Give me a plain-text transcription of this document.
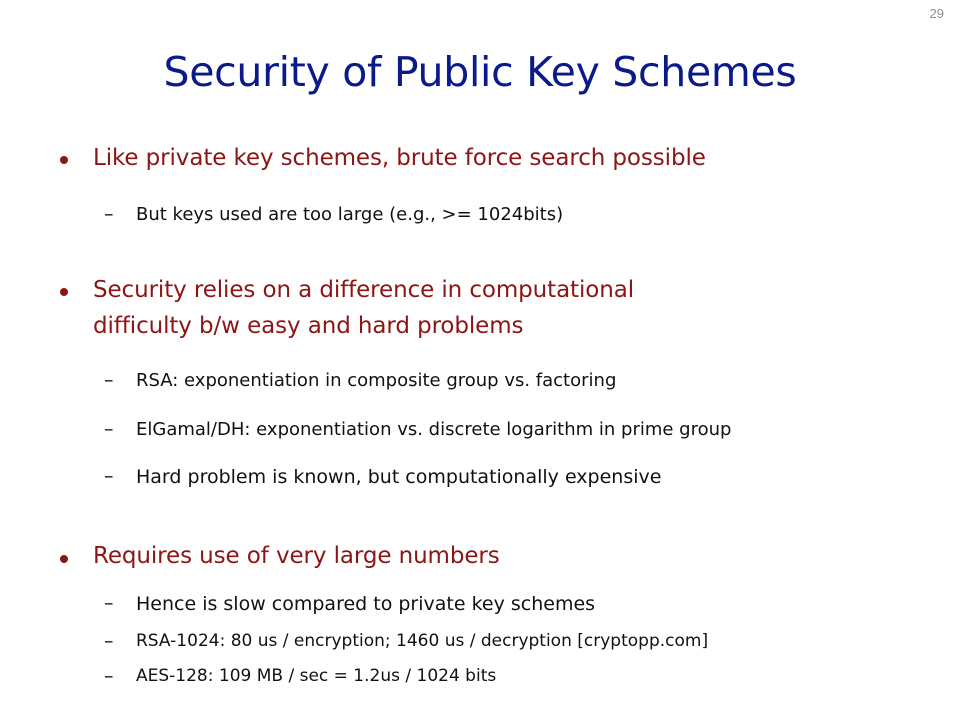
29
Security of Public Key Schemes
Like private key schemes, brute force search possible
– But keys used are too large (e.g., >= 1024bits)
Security relies on a difference in computational
difficulty b/w easy and hard problems
– RSA: exponentiation in composite group vs. factoring
– ElGamal/DH: exponentiation vs. discrete logarithm in prime group
– Hard problem is known, but computationally expensive
Requires use of very large numbers
– Hence is slow compared to private key schemes
– RSA-1024: 80 us / encryption; 1460 us / decryption [cryptopp.com]
– AES-128: 109 MB / sec = 1.2us / 1024 bits
